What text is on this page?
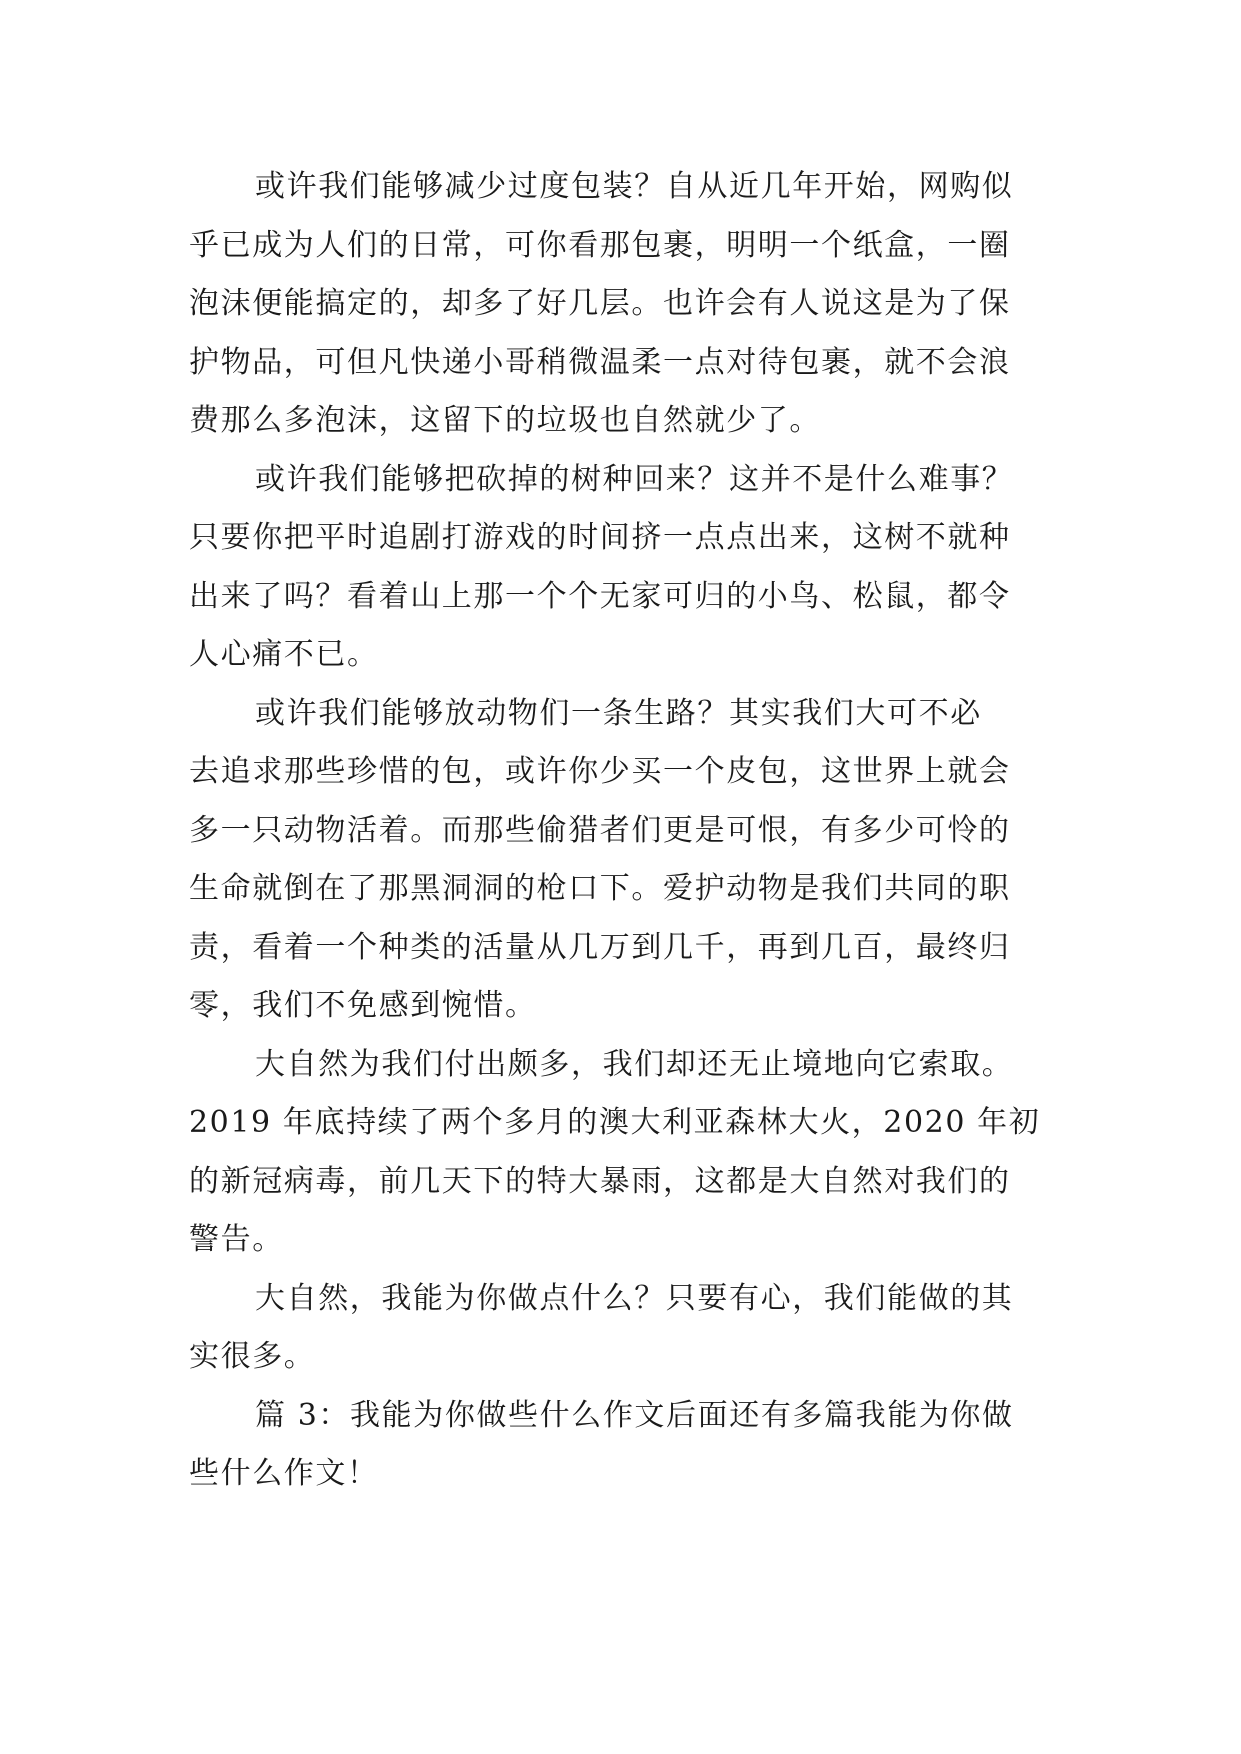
或许我们能够减少过度包装？自从近几年开始，网购似
乎已成为人们的日常，可你看那包裹，明明一个纸盒，一圈
泡沫便能搞定的，却多了好几层。也许会有人说这是为了保
护物品，可但凡快递小哥稍微温柔一点对待包裹，就不会浪
费那么多泡沫，这留下的垃圾也自然就少了。
或许我们能够把砍掉的树种回来？这并不是什么难事？
只要你把平时追剧打游戏的时间挤一点点出来，这树不就种
出来了吗？看着山上那一个个无家可归的小鸟、松鼠，都令
人心痛不已。
或许我们能够放动物们一条生路？其实我们大可不必
去追求那些珍惜的包，或许你少买一个皮包，这世界上就会
多一只动物活着。而那些偷猎者们更是可恨，有多少可怜的
生命就倒在了那黑洞洞的枪口下。爱护动物是我们共同的职
责，看着一个种类的活量从几万到几千，再到几百，最终归
零，我们不免感到惋惜。
大自然为我们付出颇多，我们却还无止境地向它索取。
2019 年底持续了两个多月的澳大利亚森林大火，2020 年初
的新冠病毒，前几天下的特大暴雨，这都是大自然对我们的
警告。
大自然，我能为你做点什么？只要有心，我们能做的其
实很多。
篇 3：我能为你做些什么作文后面还有多篇我能为你做
些什么作文！
